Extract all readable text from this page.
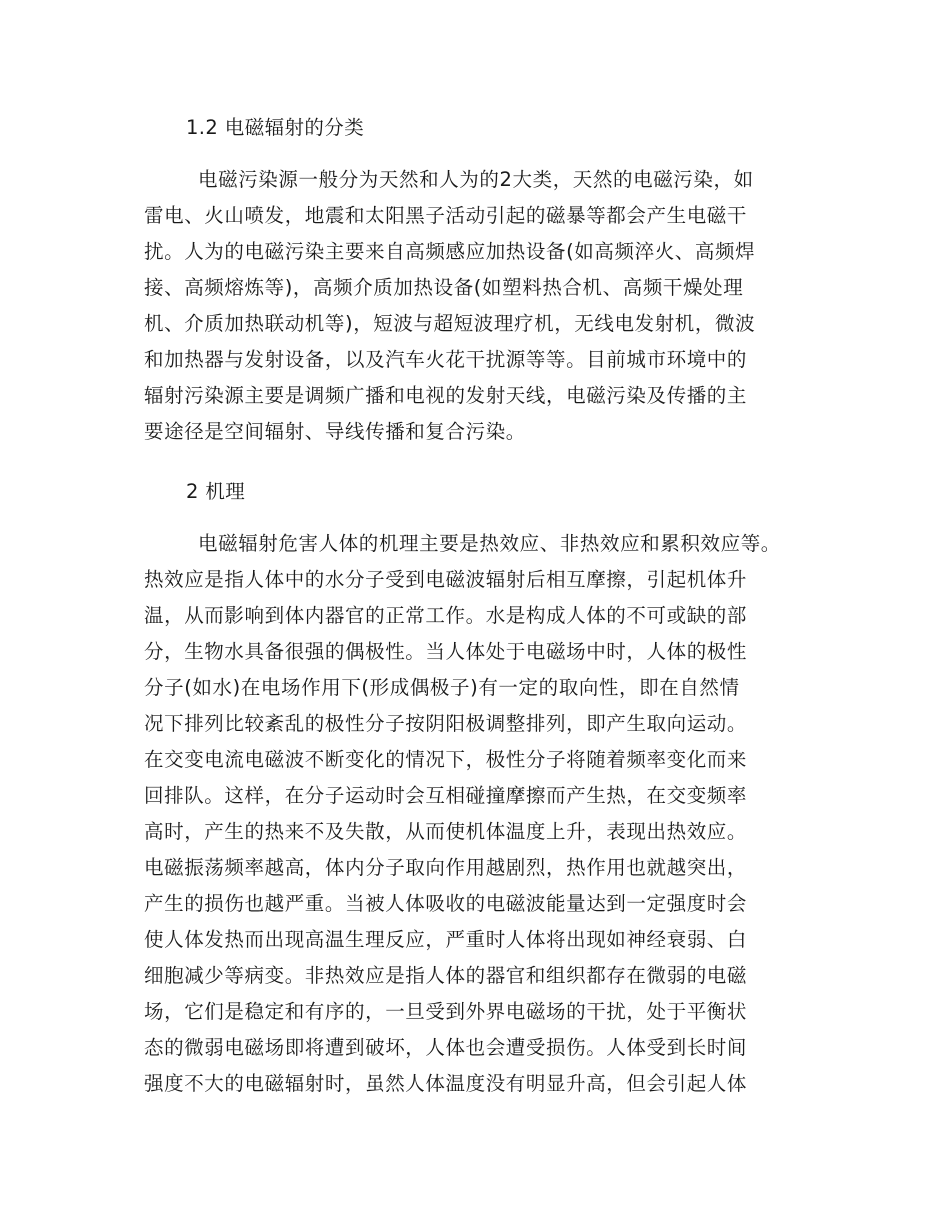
1.2 电磁辐射的分类
电磁污染源一般分为天然和人为的2大类，天然的电磁污染，如
雷电、火山喷发，地震和太阳黑子活动引起的磁暴等都会产生电磁干
扰。人为的电磁污染主要来自高频感应加热设备(如高频淬火、高频焊
接、高频熔炼等)，高频介质加热设备(如塑料热合机、高频干燥处理
机、介质加热联动机等)，短波与超短波理疗机，无线电发射机，微波
和加热器与发射设备，以及汽车火花干扰源等等。目前城市环境中的
辐射污染源主要是调频广播和电视的发射天线，电磁污染及传播的主
要途径是空间辐射、导线传播和复合污染。
2 机理
电磁辐射危害人体的机理主要是热效应、非热效应和累积效应等。
热效应是指人体中的水分子受到电磁波辐射后相互摩擦，引起机体升
温，从而影响到体内器官的正常工作。水是构成人体的不可或缺的部
分，生物水具备很强的偶极性。当人体处于电磁场中时，人体的极性
分子(如水)在电场作用下(形成偶极子)有一定的取向性，即在自然情
况下排列比较紊乱的极性分子按阴阳极调整排列，即产生取向运动。
在交变电流电磁波不断变化的情况下，极性分子将随着频率变化而来
回排队。这样，在分子运动时会互相碰撞摩擦而产生热，在交变频率
高时，产生的热来不及失散，从而使机体温度上升，表现出热效应。
电磁振荡频率越高，体内分子取向作用越剧烈，热作用也就越突出，
产生的损伤也越严重。当被人体吸收的电磁波能量达到一定强度时会
使人体发热而出现高温生理反应，严重时人体将出现如神经衰弱、白
细胞减少等病变。非热效应是指人体的器官和组织都存在微弱的电磁
场，它们是稳定和有序的，一旦受到外界电磁场的干扰，处于平衡状
态的微弱电磁场即将遭到破坏，人体也会遭受损伤。人体受到长时间
强度不大的电磁辐射时，虽然人体温度没有明显升高，但会引起人体
